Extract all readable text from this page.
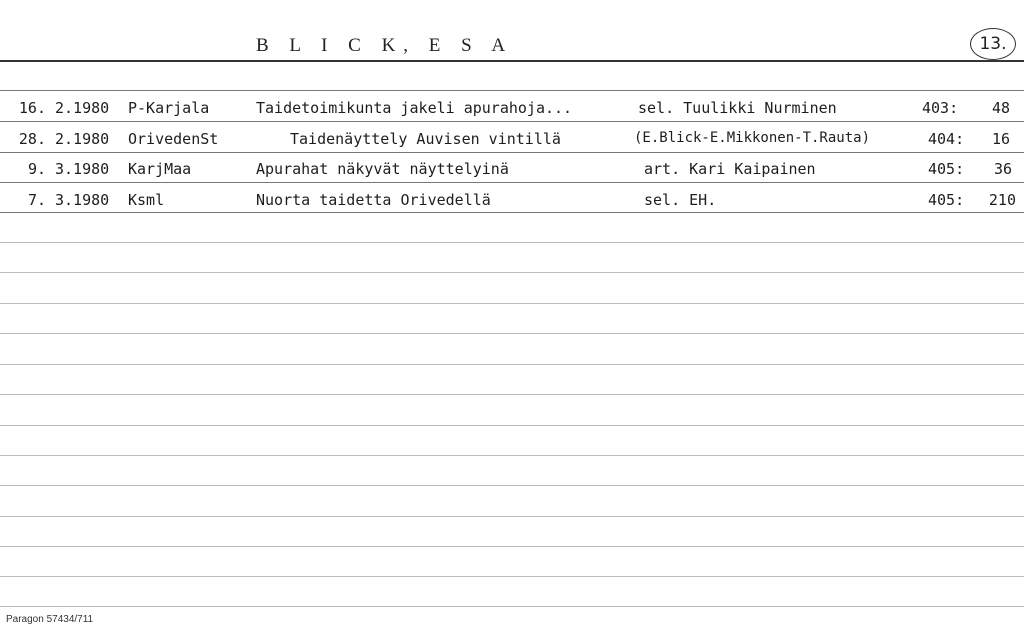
B L I C K, E S A	13.
16. 2.1980 P-Karjala	Taidetoimikunta jakeli apurahoja...	sel. Tuulikki Nurminen	403:	48
28. 2.1980 OrivedenSt	Taidenäyttely Auvisen vintillä	(E.Blick-E.Mikkonen-T.Rauta)	404:	16
9. 3.1980 KarjMaa	Apurahat näkyvät näyttelyinä	art. Kari Kaipainen	405:	36
7. 3.1980 Ksml	Nuorta taidetta Orivedellä	sel. EH.	405:	210
Paragon 57434/711
